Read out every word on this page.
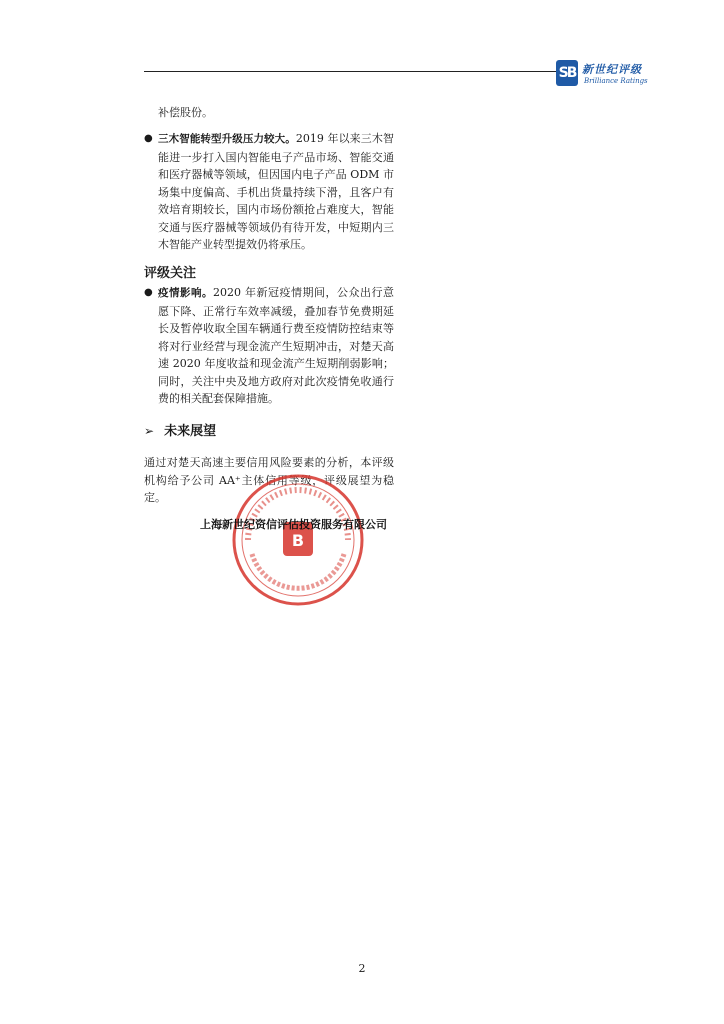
SB 新世纪评级
Brilliance Ratings

补偿股份。

● 三木智能转型升级压力较大。2019 年以来三木智能进一步打入国内智能电子产品市场、智能交通和医疗器械等领域，但因国内电子产品 ODM 市场集中度偏高、手机出货量持续下滑，且客户有效培育期较长，国内市场份额抢占难度大，智能交通与医疗器械等领域仍有待开发，中短期内三木智能产业转型提效仍将承压。

评级关注
● 疫情影响。2020 年新冠疫情期间，公众出行意愿下降、正常行车效率减缓，叠加春节免费期延长及暂停收取全国车辆通行费至疫情防控结束等将对行业经营与现金流产生短期冲击，对楚天高速 2020 年度收益和现金流产生短期削弱影响；同时，关注中央及地方政府对此次疫情免收通行费的相关配套保障措施。

➢ 未来展望

通过对楚天高速主要信用风险要素的分析，本评级机构给予公司 AA⁺主体信用等级，评级展望为稳定。

B
上海新世纪资信评估投资服务有限公司
2
